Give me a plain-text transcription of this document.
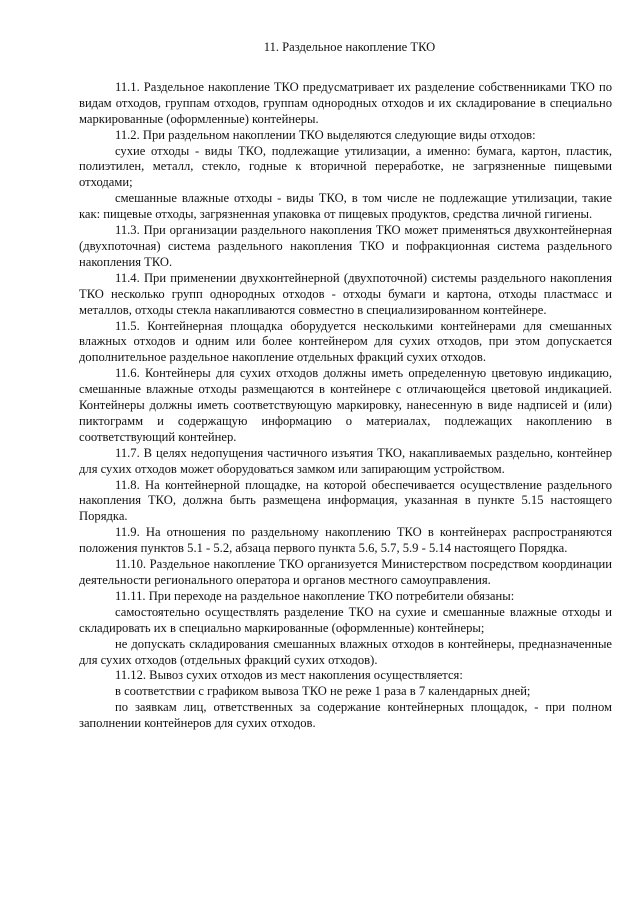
11. Раздельное накопление ТКО

11.1. Раздельное накопление ТКО предусматривает их разделение собственниками ТКО по видам отходов, группам отходов, группам однородных отходов и их складирование в специально маркированные (оформленные) контейнеры.

11.2. При раздельном накоплении ТКО выделяются следующие виды отходов:

сухие отходы - виды ТКО, подлежащие утилизации, а именно: бумага, картон, пластик, полиэтилен, металл, стекло, годные к вторичной переработке, не загрязненные пищевыми отходами;

смешанные влажные отходы - виды ТКО, в том числе не подлежащие утилизации, такие как: пищевые отходы, загрязненная упаковка от пищевых продуктов, средства личной гигиены.

11.3. При организации раздельного накопления ТКО может применяться двухконтейнерная (двухпоточная) система раздельного накопления ТКО и пофракционная система раздельного накопления ТКО.

11.4. При применении двухконтейнерной (двухпоточной) системы раздельного накопления ТКО несколько групп однородных отходов - отходы бумаги и картона, отходы пластмасс и металлов, отходы стекла накапливаются совместно в специализированном контейнере.

11.5. Контейнерная площадка оборудуется несколькими контейнерами для смешанных влажных отходов и одним или более контейнером для сухих отходов, при этом допускается дополнительное раздельное накопление отдельных фракций сухих отходов.

11.6. Контейнеры для сухих отходов должны иметь определенную цветовую индикацию, смешанные влажные отходы размещаются в контейнере с отличающейся цветовой индикацией. Контейнеры должны иметь соответствующую маркировку, нанесенную в виде надписей и (или) пиктограмм и содержащую информацию о материалах, подлежащих накоплению в соответствующий контейнер.

11.7. В целях недопущения частичного изъятия ТКО, накапливаемых раздельно, контейнер для сухих отходов может оборудоваться замком или запирающим устройством.

11.8. На контейнерной площадке, на которой обеспечивается осуществление раздельного накопления ТКО, должна быть размещена информация, указанная в пункте 5.15 настоящего Порядка.

11.9. На отношения по раздельному накоплению ТКО в контейнерах распространяются положения пунктов 5.1 - 5.2, абзаца первого пункта 5.6, 5.7, 5.9 - 5.14 настоящего Порядка.

11.10. Раздельное накопление ТКО организуется Министерством посредством координации деятельности регионального оператора и органов местного самоуправления.

11.11. При переходе на раздельное накопление ТКО потребители обязаны:

самостоятельно осуществлять разделение ТКО на сухие и смешанные влажные отходы и складировать их в специально маркированные (оформленные) контейнеры;

не допускать складирования смешанных влажных отходов в контейнеры, предназначенные для сухих отходов (отдельных фракций сухих отходов).

11.12. Вывоз сухих отходов из мест накопления осуществляется:

в соответствии с графиком вывоза ТКО не реже 1 раза в 7 календарных дней;

по заявкам лиц, ответственных за содержание контейнерных площадок, - при полном заполнении контейнеров для сухих отходов.
